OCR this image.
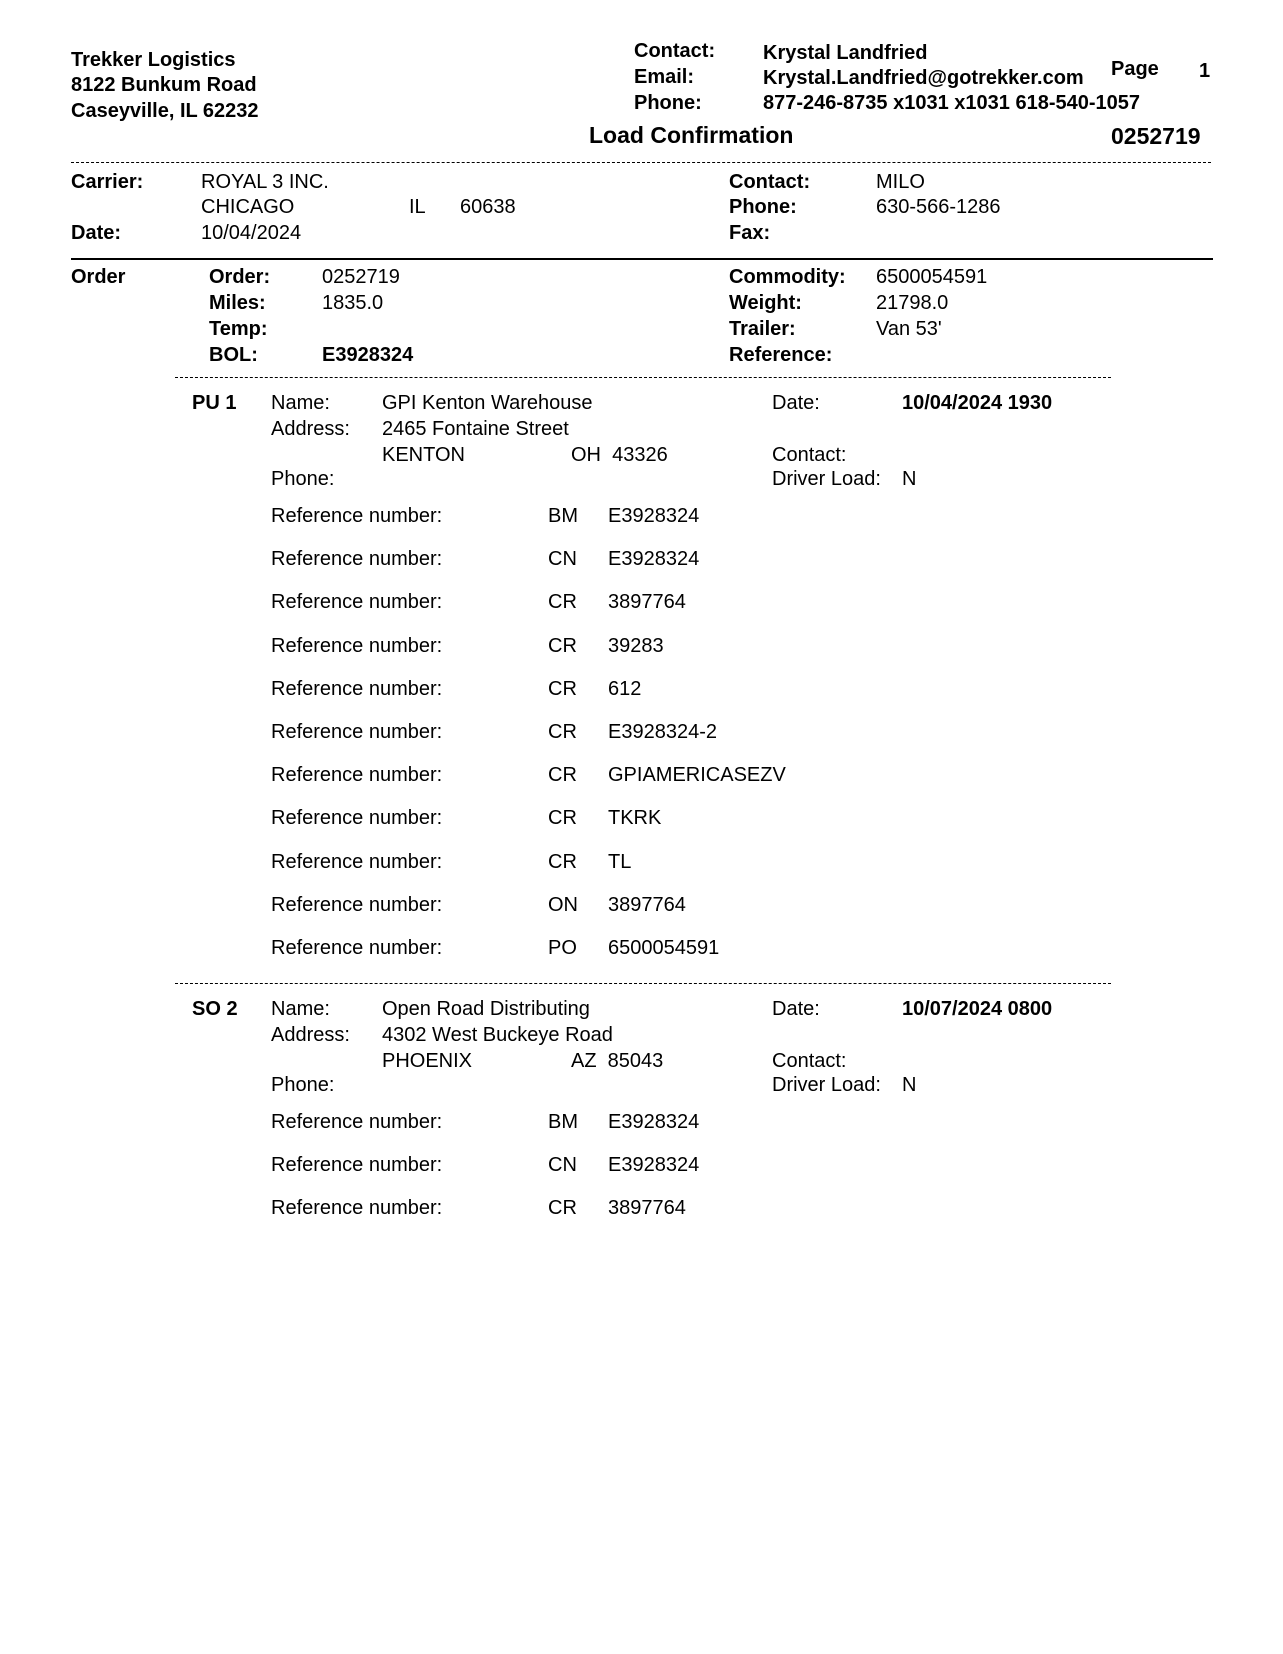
Trekker Logistics
8122 Bunkum Road
Caseyville, IL 62232
Contact: Krystal Landfried
Email:	Krystal.Landfried@gotrekker.com
Phone:	877-246-8735 x1031 x1031 618-540-1057
Page 1
Load Confirmation	0252719
Carrier:	ROYAL 3 INC.
CHICAGO	IL 60638
Date:	10/04/2024
Contact:	MILO
Phone:	630-566-1286
Fax:
Order	Order:	0252719
Miles:	1835.0
Temp:
BOL:	E3928324
Commodity: 6500054591
Weight:	21798.0
Trailer:	Van 53'
Reference:
PU 1 Name:	GPI Kenton Warehouse
Address: 2465 Fontaine Street
KENTON	OH  43326
Phone:
Date:	10/04/2024 1930
Contact:
Driver Load: N
Reference number:	BM E3928324
Reference number:	CN E3928324
Reference number:	CR 3897764
Reference number:	CR 39283
Reference number:	CR 612
Reference number:	CR E3928324-2
Reference number:	CR GPIAMERICASEZV
Reference number:	CR TKRK
Reference number:	CR TL
Reference number:	ON 3897764
Reference number:	PO 6500054591
SO 2 Name:	Open Road Distributing
Address: 4302 West Buckeye Road
PHOENIX	AZ  85043
Phone:
Date:	10/07/2024 0800
Contact:
Driver Load: N
Reference number:	BM E3928324
Reference number:	CN E3928324
Reference number:	CR 3897764
